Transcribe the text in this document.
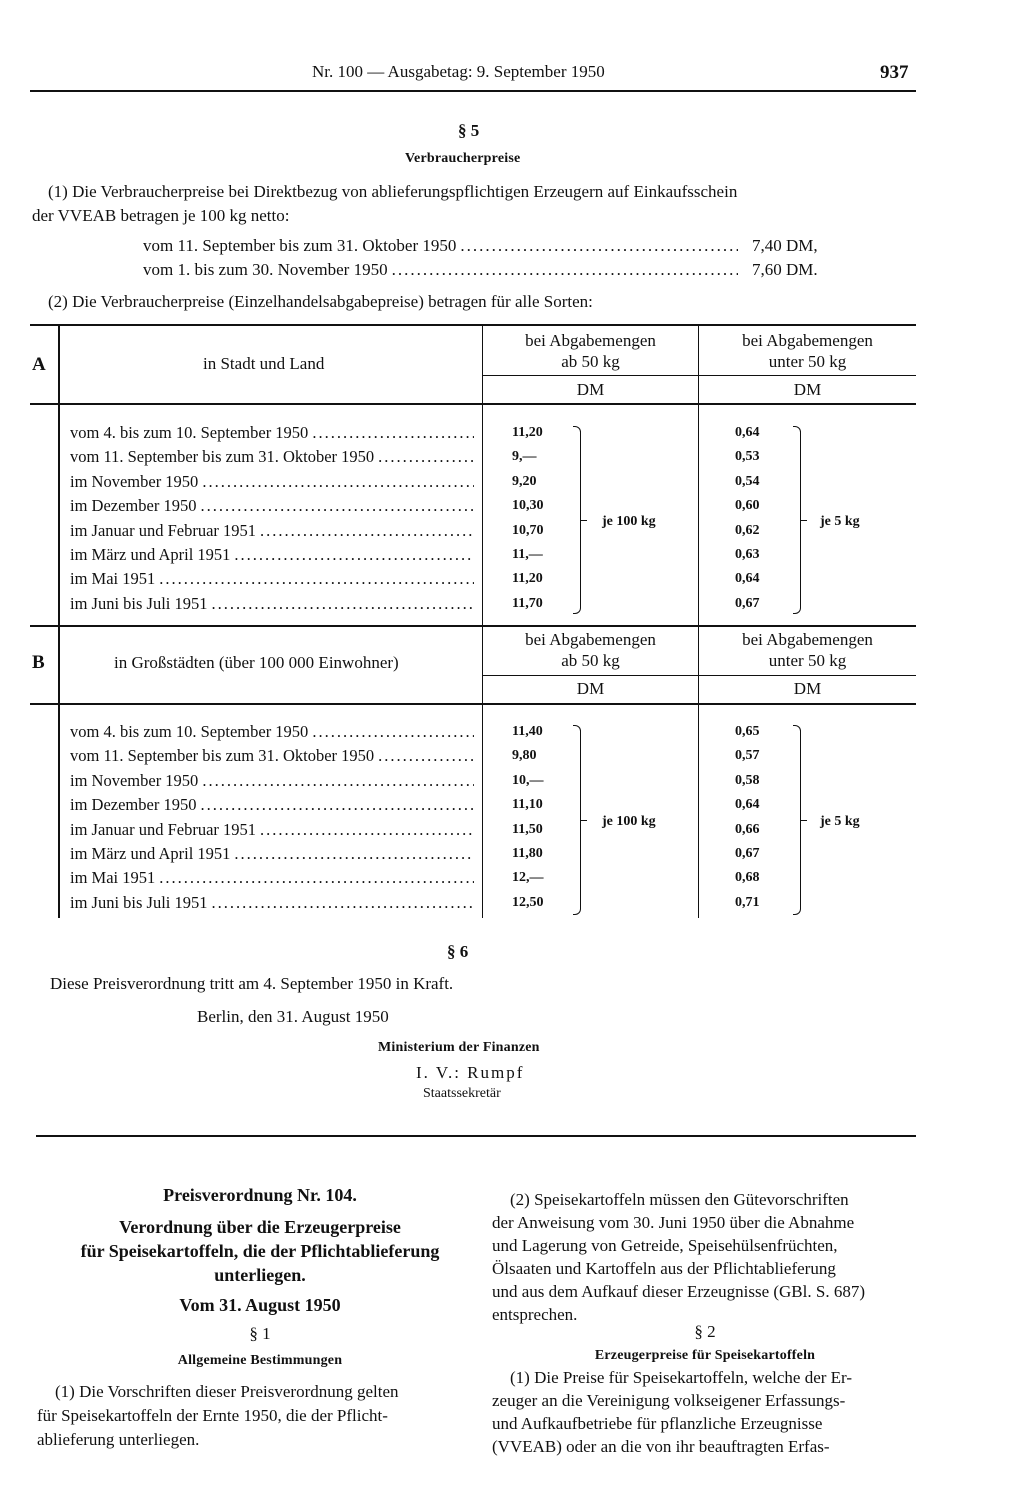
Nr. 100 — Ausgabetag: 9. September 1950	937
§ 5
Verbraucherpreise
(1) Die Verbraucherpreise bei Direktbezug von ablieferungspflichtigen Erzeugern auf Einkaufsschein
der VVEAB betragen je 100 kg netto:
vom 11. September bis zum 31. Oktober 1950 .....	7,40 DM,
vom 1. bis zum 30. November 1950 .....	7,60 DM.
(2) Die Verbraucherpreise (Einzelhandelsabgabepreise) betragen für alle Sorten:
A	in Stadt und Land
bei Abgabemengen
ab 50 kg
bei Abgabemengen
unter 50 kg
DM	DM
vom 4. bis zum 10. September 1950 .....	11,20	0,64
vom 11. September bis zum 31. Oktober 1950 .....	9,—	0,53
im November 1950 .....	9,20	0,54
im Dezember 1950 .....	10,30	0,60
im Januar und Februar 1951 .....	10,70	0,62
im März und April 1951 .....	11,—	0,63
im Mai 1951 .....	11,20	0,64
im Juni bis Juli 1951 .....	11,70	0,67
je 100 kg	je 5 kg
B	in Großstädten (über 100 000 Einwohner)
bei Abgabemengen
ab 50 kg
bei Abgabemengen
unter 50 kg
DM	DM
vom 4. bis zum 10. September 1950 .....	11,40	0,65
vom 11. September bis zum 31. Oktober 1950 .....	9,80	0,57
im November 1950 .....	10,—	0,58
im Dezember 1950 .....	11,10	0,64
im Januar und Februar 1951 .....	11,50	0,66
im März und April 1951 .....	11,80	0,67
im Mai 1951 .....	12,—	0,68
im Juni bis Juli 1951 .....	12,50	0,71
je 100 kg	je 5 kg
§ 6
Diese Preisverordnung tritt am 4. September 1950 in Kraft.
Berlin, den 31. August 1950
Ministerium der Finanzen
I. V.: Rumpf
Staatssekretär
Preisverordnung Nr. 104.
Verordnung über die Erzeugerpreise
für Speisekartoffeln, die der Pflichtablieferung
unterliegen.
Vom 31. August 1950
§ 1
Allgemeine Bestimmungen
(1) Die Vorschriften dieser Preisverordnung gelten
für Speisekartoffeln der Ernte 1950, die der Pflicht-
ablieferung unterliegen.
(2) Speisekartoffeln müssen den Gütevorschriften
der Anweisung vom 30. Juni 1950 über die Abnahme
und Lagerung von Getreide, Speisehülsenfrüchten,
Ölsaaten und Kartoffeln aus der Pflichtablieferung
und aus dem Aufkauf dieser Erzeugnisse (GBl. S. 687)
entsprechen.
§ 2
Erzeugerpreise für Speisekartoffeln
(1) Die Preise für Speisekartoffeln, welche der Er-
zeuger an die Vereinigung volkseigener Erfassungs-
und Aufkaufbetriebe für pflanzliche Erzeugnisse
(VVEAB) oder an die von ihr beauftragten Erfas-
